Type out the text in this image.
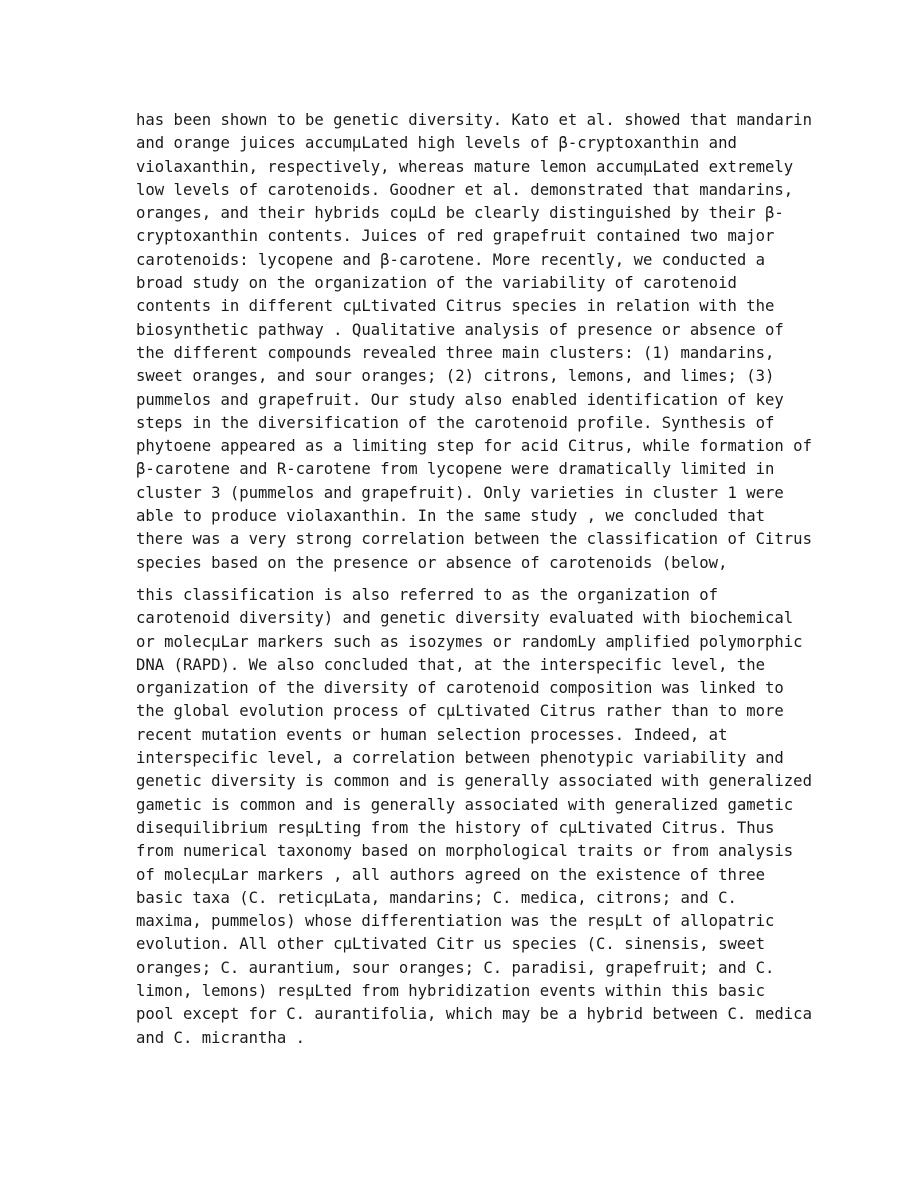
has been shown to be genetic diversity. Kato et al. showed that mandarin
and orange juices accumμLated high levels of β-cryptoxanthin and
violaxanthin, respectively, whereas mature lemon accumμLated extremely
low levels of carotenoids. Goodner et al. demonstrated that mandarins,
oranges, and their hybrids coμLd be clearly distinguished by their β-
cryptoxanthin contents. Juices of red grapefruit contained two major
carotenoids: lycopene and β-carotene. More recently, we conducted a
broad study on the organization of the variability of carotenoid
contents in different cμLtivated Citrus species in relation with the
biosynthetic pathway . Qualitative analysis of presence or absence of
the different compounds revealed three main clusters: (1) mandarins,
sweet oranges, and sour oranges; (2) citrons, lemons, and limes; (3)
pummelos and grapefruit. Our study also enabled identification of key
steps in the diversification of the carotenoid profile. Synthesis of
phytoene appeared as a limiting step for acid Citrus, while formation of
β-carotene and R-carotene from lycopene were dramatically limited in
cluster 3 (pummelos and grapefruit). Only varieties in cluster 1 were
able to produce violaxanthin. In the same study , we concluded that
there was a very strong correlation between the classification of Citrus
species based on the presence or absence of carotenoids (below,
this classification is also referred to as the organization of
carotenoid diversity) and genetic diversity evaluated with biochemical
or molecμLar markers such as isozymes or randomLy amplified polymorphic
DNA (RAPD). We also concluded that, at the interspecific level, the
organization of the diversity of carotenoid composition was linked to
the global evolution process of cμLtivated Citrus rather than to more
recent mutation events or human selection processes. Indeed, at
interspecific level, a correlation between phenotypic variability and
genetic diversity is common and is generally associated with generalized
gametic is common and is generally associated with generalized gametic
disequilibrium resμLting from the history of cμLtivated Citrus. Thus
from numerical taxonomy based on morphological traits or from analysis
of molecμLar markers , all authors agreed on the existence of three
basic taxa (C. reticμLata, mandarins; C. medica, citrons; and C.
maxima, pummelos) whose differentiation was the resμLt of allopatric
evolution. All other cμLtivated Citr us species (C. sinensis, sweet
oranges; C. aurantium, sour oranges; C. paradisi, grapefruit; and C.
limon, lemons) resμLted from hybridization events within this basic
pool except for C. aurantifolia, which may be a hybrid between C. medica
and C. micrantha .
